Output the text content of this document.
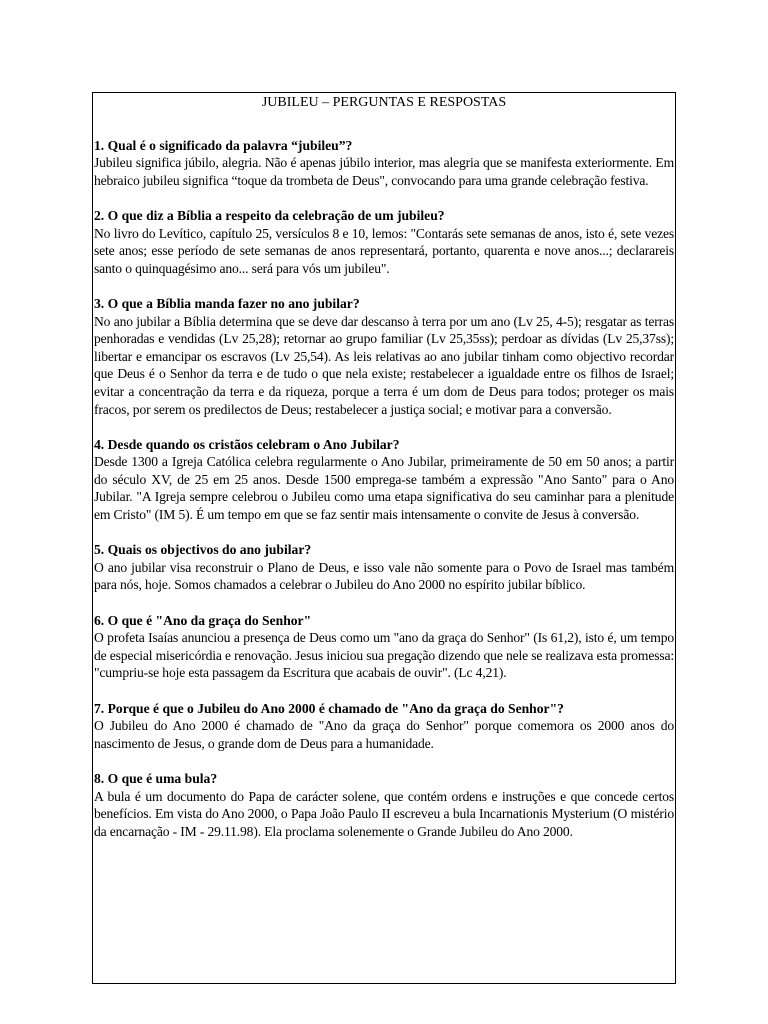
JUBILEU – PERGUNTAS E RESPOSTAS

1. Qual é o significado da palavra “jubileu”?

Jubileu significa júbilo, alegria. Não é apenas júbilo interior, mas alegria que se manifesta exteriormente. Em hebraico jubileu significa “toque da trombeta de Deus", convocando para uma grande celebração festiva.

2. O que diz a Bíblia a respeito da celebração de um jubileu?

No livro do Levítico, capítulo 25, versículos 8 e 10, lemos: "Contarás sete semanas de anos, isto é, sete vezes sete anos; esse período de sete semanas de anos representará, portanto, quarenta e nove anos...; declarareis santo o quinquagésimo ano... será para vós um jubileu".

3. O que a Bíblia manda fazer no ano jubilar?

No ano jubilar a Bíblia determina que se deve dar descanso à terra por um ano (Lv 25, 4-5); resgatar as terras penhoradas e vendidas (Lv 25,28); retornar ao grupo familiar (Lv 25,35ss); perdoar as dívidas (Lv 25,37ss); libertar e emancipar os escravos (Lv 25,54). As leis relativas ao ano jubilar tinham como objectivo recordar que Deus é o Senhor da terra e de tudo o que nela existe; restabelecer a igualdade entre os filhos de Israel; evitar a concentração da terra e da riqueza, porque a terra é um dom de Deus para todos; proteger os mais fracos, por serem os predilectos de Deus; restabelecer a justiça social; e motivar para a conversão.

4. Desde quando os cristãos celebram o Ano Jubilar?

Desde 1300 a Igreja Católica celebra regularmente o Ano Jubilar, primeiramente de 50 em 50 anos; a partir do século XV, de 25 em 25 anos. Desde 1500 emprega-se também a expressão "Ano Santo" para o Ano Jubilar. "A Igreja sempre celebrou o Jubileu como uma etapa significativa do seu caminhar para a plenitude em Cristo" (IM 5). É um tempo em que se faz sentir mais intensamente o convite de Jesus à conversão.

5. Quais os objectivos do ano jubilar?

O ano jubilar visa reconstruir o Plano de Deus, e isso vale não somente para o Povo de Israel mas também para nós, hoje. Somos chamados a celebrar o Jubileu do Ano 2000 no espírito jubilar bíblico.

6. O que é "Ano da graça do Senhor"

O profeta Isaías anunciou a presença de Deus como um "ano da graça do Senhor" (Is 61,2), isto é, um tempo de especial misericórdia e renovação. Jesus iniciou sua pregação dizendo que nele se realizava esta promessa: "cumpriu-se hoje esta passagem da Escritura que acabais de ouvir". (Lc 4,21).

7. Porque é que o Jubileu do Ano 2000 é chamado de "Ano da graça do Senhor"?

O Jubileu do Ano 2000 é chamado de "Ano da graça do Senhor" porque comemora os 2000 anos do nascimento de Jesus, o grande dom de Deus para a humanidade.

8. O que é uma bula?

A bula é um documento do Papa de carácter solene, que contém ordens e instruções e que concede certos benefícios. Em vista do Ano 2000, o Papa João Paulo II escreveu a bula Incarnationis Mysterium (O mistério da encarnação - IM - 29.11.98). Ela proclama solenemente o Grande Jubileu do Ano 2000.
